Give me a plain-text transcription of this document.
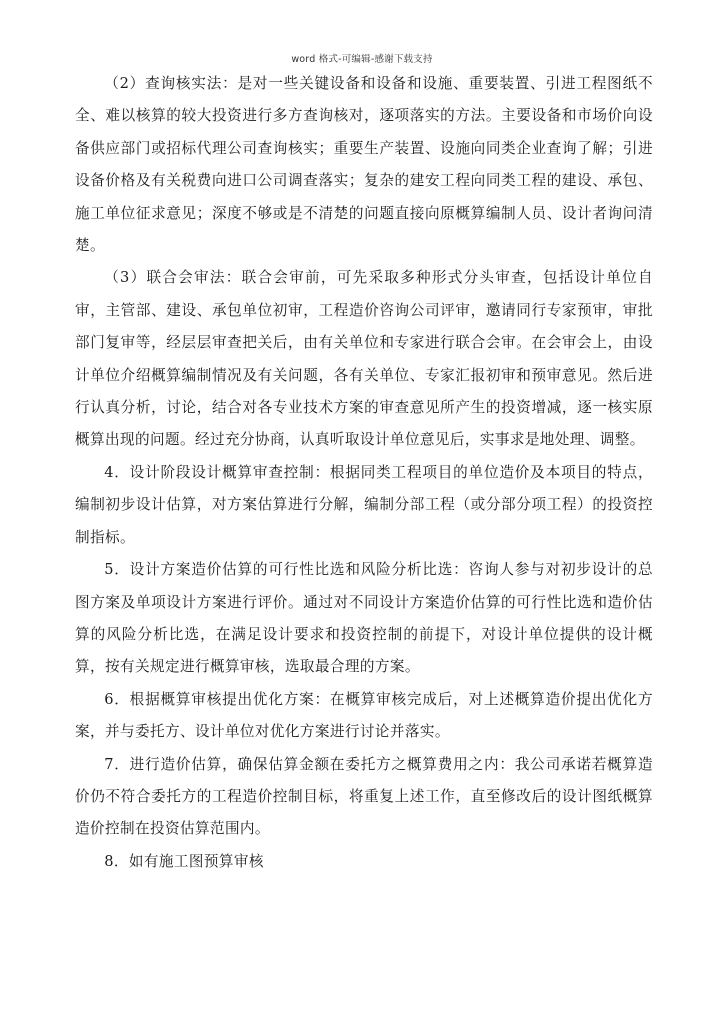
word 格式-可编辑-感谢下载支持

（2）查询核实法：是对一些关键设备和设备和设施、重要装置、引进工程图纸不全、难以核算的较大投资进行多方查询核对，逐项落实的方法。主要设备和市场价向设备供应部门或招标代理公司查询核实；重要生产装置、设施向同类企业查询了解；引进设备价格及有关税费向进口公司调查落实；复杂的建安工程向同类工程的建设、承包、施工单位征求意见；深度不够或是不清楚的问题直接向原概算编制人员、设计者询问清楚。

（3）联合会审法：联合会审前，可先采取多种形式分头审查，包括设计单位自审，主管部、建设、承包单位初审，工程造价咨询公司评审，邀请同行专家预审，审批部门复审等，经层层审查把关后，由有关单位和专家进行联合会审。在会审会上，由设计单位介绍概算编制情况及有关问题，各有关单位、专家汇报初审和预审意见。然后进行认真分析，讨论，结合对各专业技术方案的审查意见所产生的投资增减，逐一核实原概算出现的问题。经过充分协商，认真听取设计单位意见后，实事求是地处理、调整。

4．设计阶段设计概算审查控制：根据同类工程项目的单位造价及本项目的特点，编制初步设计估算，对方案估算进行分解，编制分部工程（或分部分项工程）的投资控制指标。

5．设计方案造价估算的可行性比选和风险分析比选：咨询人参与对初步设计的总图方案及单项设计方案进行评价。通过对不同设计方案造价估算的可行性比选和造价估算的风险分析比选，在满足设计要求和投资控制的前提下，对设计单位提供的设计概算，按有关规定进行概算审核，选取最合理的方案。

6．根据概算审核提出优化方案：在概算审核完成后，对上述概算造价提出优化方案，并与委托方、设计单位对优化方案进行讨论并落实。

7．进行造价估算，确保估算金额在委托方之概算费用之内：我公司承诺若概算造价仍不符合委托方的工程造价控制目标，将重复上述工作，直至修改后的设计图纸概算造价控制在投资估算范围内。

8．如有施工图预算审核
